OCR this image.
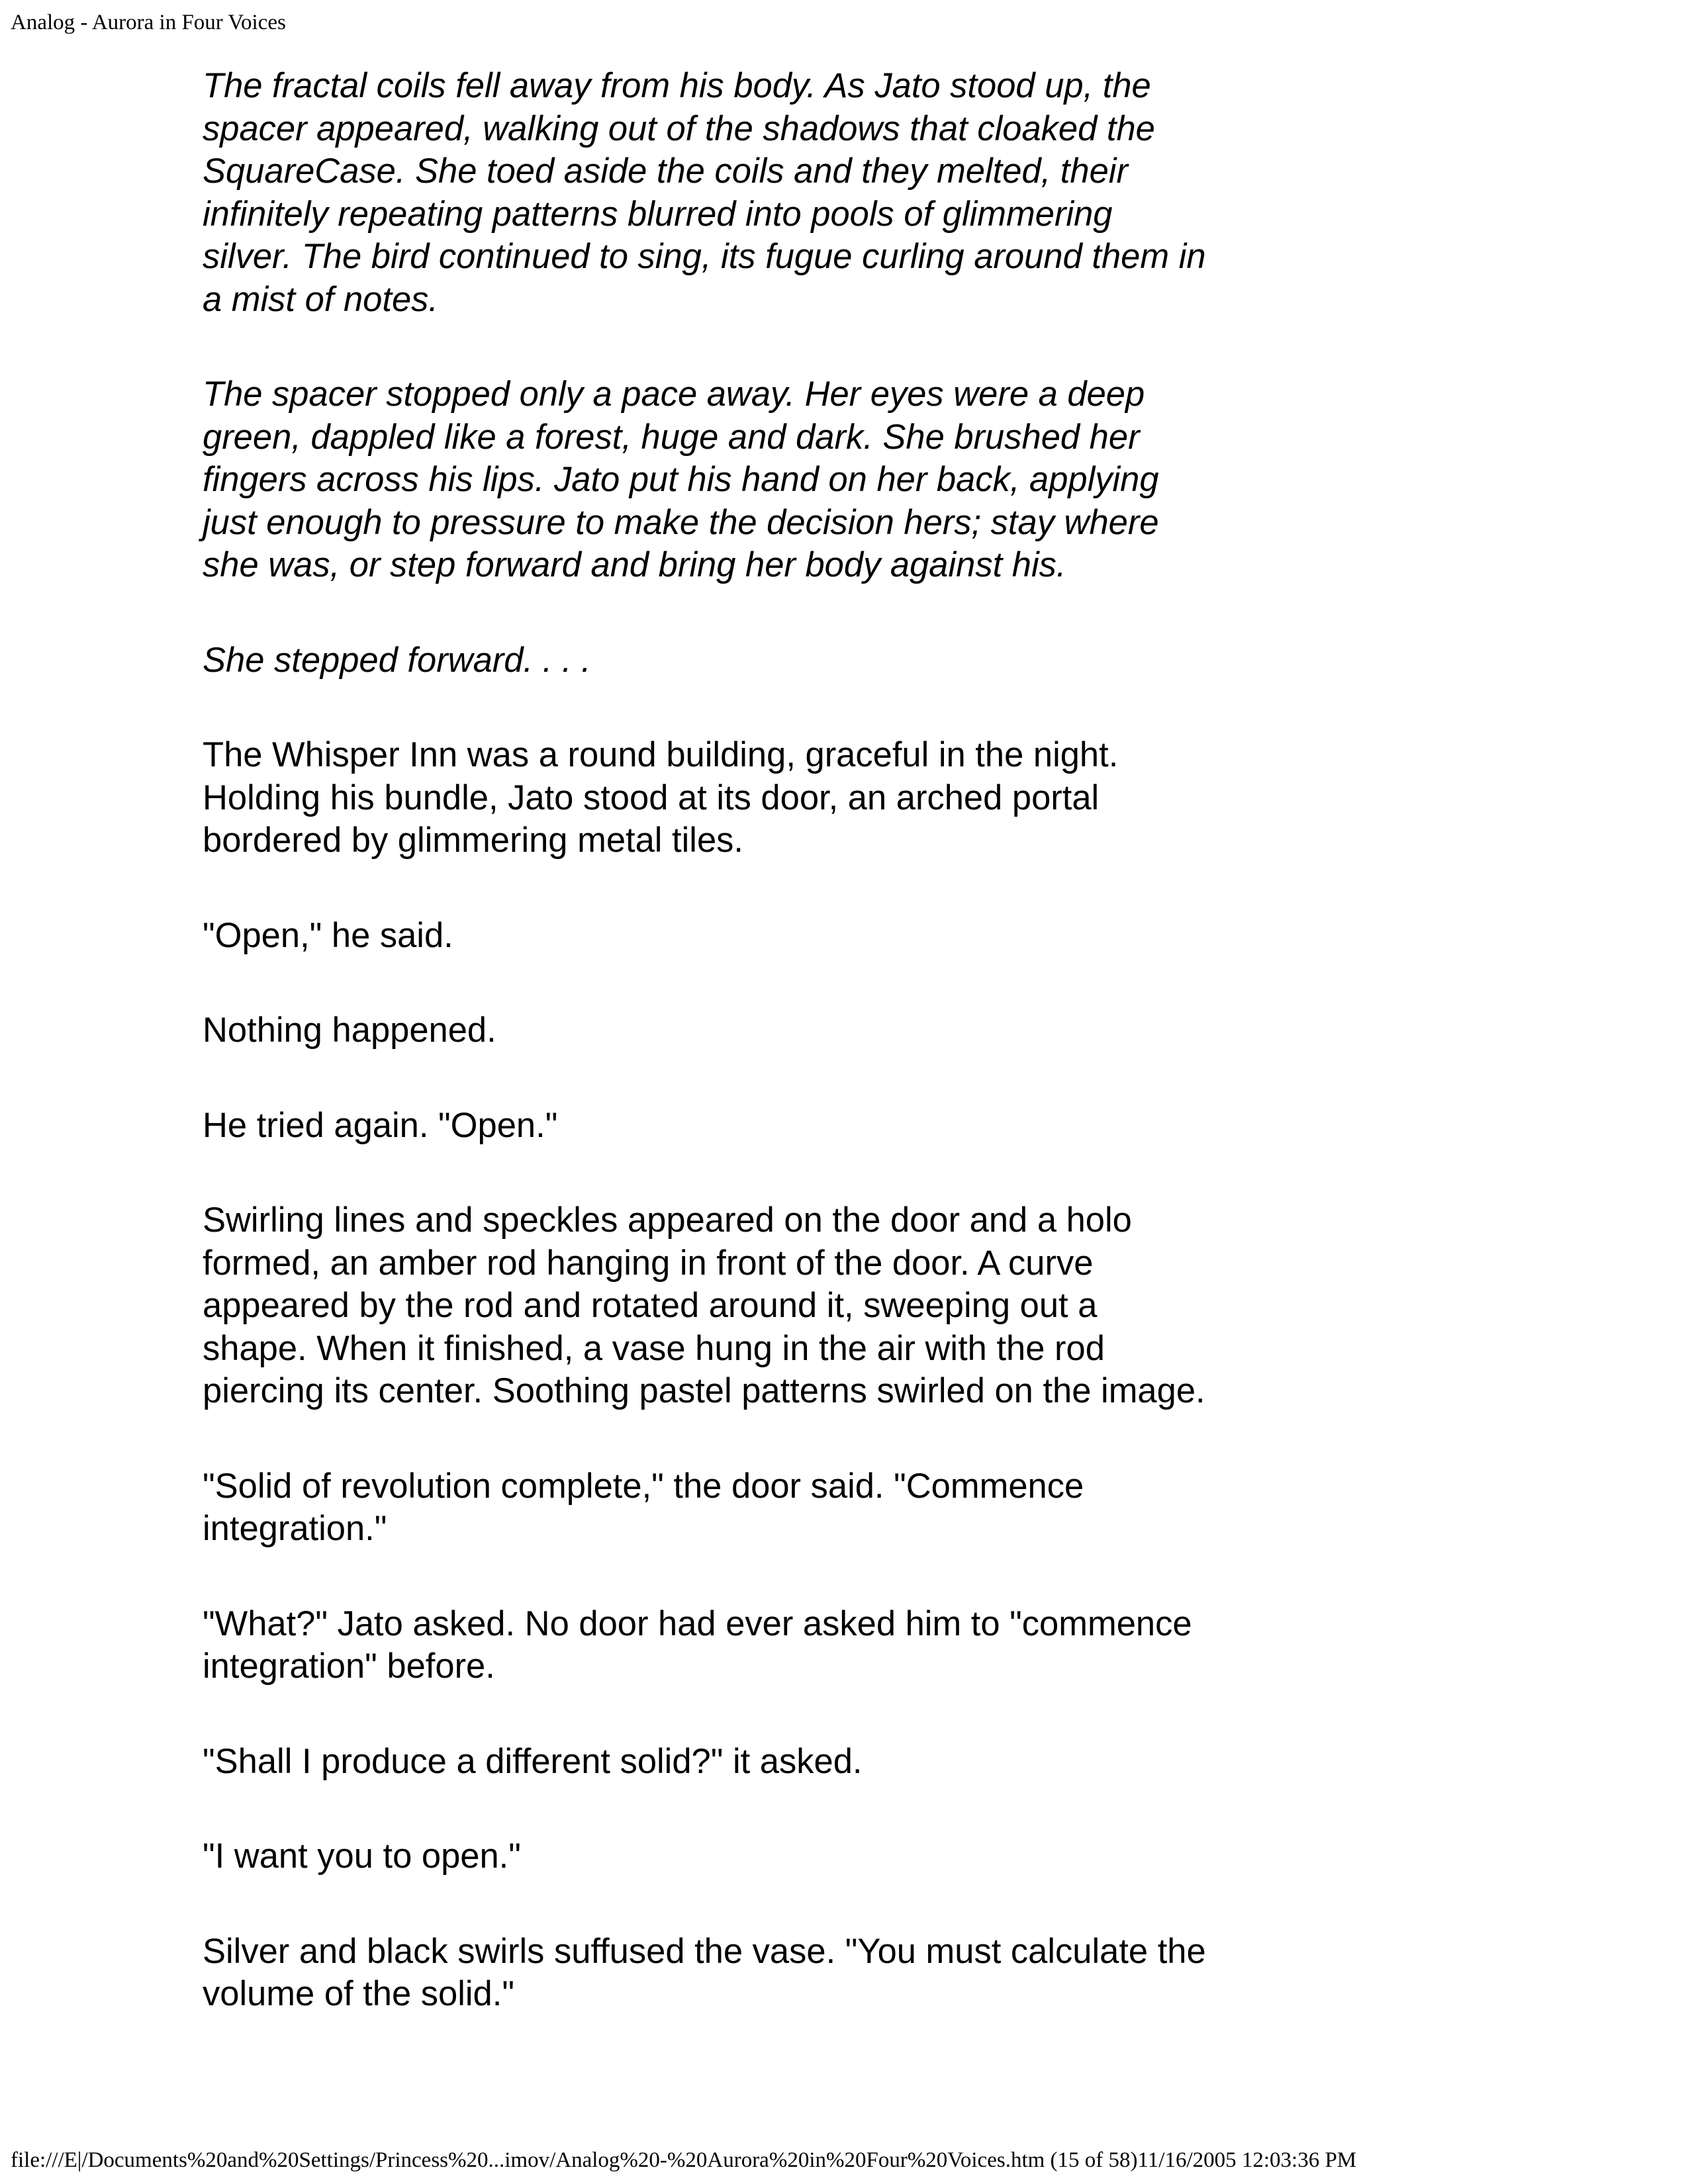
Analog - Aurora in Four Voices

The fractal coils fell away from his body. As Jato stood up, the spacer appeared, walking out of the shadows that cloaked the SquareCase. She toed aside the coils and they melted, their infinitely repeating patterns blurred into pools of glimmering silver. The bird continued to sing, its fugue curling around them in a mist of notes.

The spacer stopped only a pace away. Her eyes were a deep green, dappled like a forest, huge and dark. She brushed her fingers across his lips. Jato put his hand on her back, applying just enough to pressure to make the decision hers; stay where she was, or step forward and bring her body against his.

She stepped forward. . . .

The Whisper Inn was a round building, graceful in the night. Holding his bundle, Jato stood at its door, an arched portal bordered by glimmering metal tiles.

"Open," he said.

Nothing happened.

He tried again. "Open."

Swirling lines and speckles appeared on the door and a holo formed, an amber rod hanging in front of the door. A curve appeared by the rod and rotated around it, sweeping out a shape. When it finished, a vase hung in the air with the rod piercing its center. Soothing pastel patterns swirled on the image.

"Solid of revolution complete," the door said. "Commence integration."

"What?" Jato asked. No door had ever asked him to "commence integration" before.

"Shall I produce a different solid?" it asked.

"I want you to open."

Silver and black swirls suffused the vase. "You must calculate the volume of the solid."

file:///E|/Documents%20and%20Settings/Princess%20...imov/Analog%20-%20Aurora%20in%20Four%20Voices.htm (15 of 58)11/16/2005 12:03:36 PM
